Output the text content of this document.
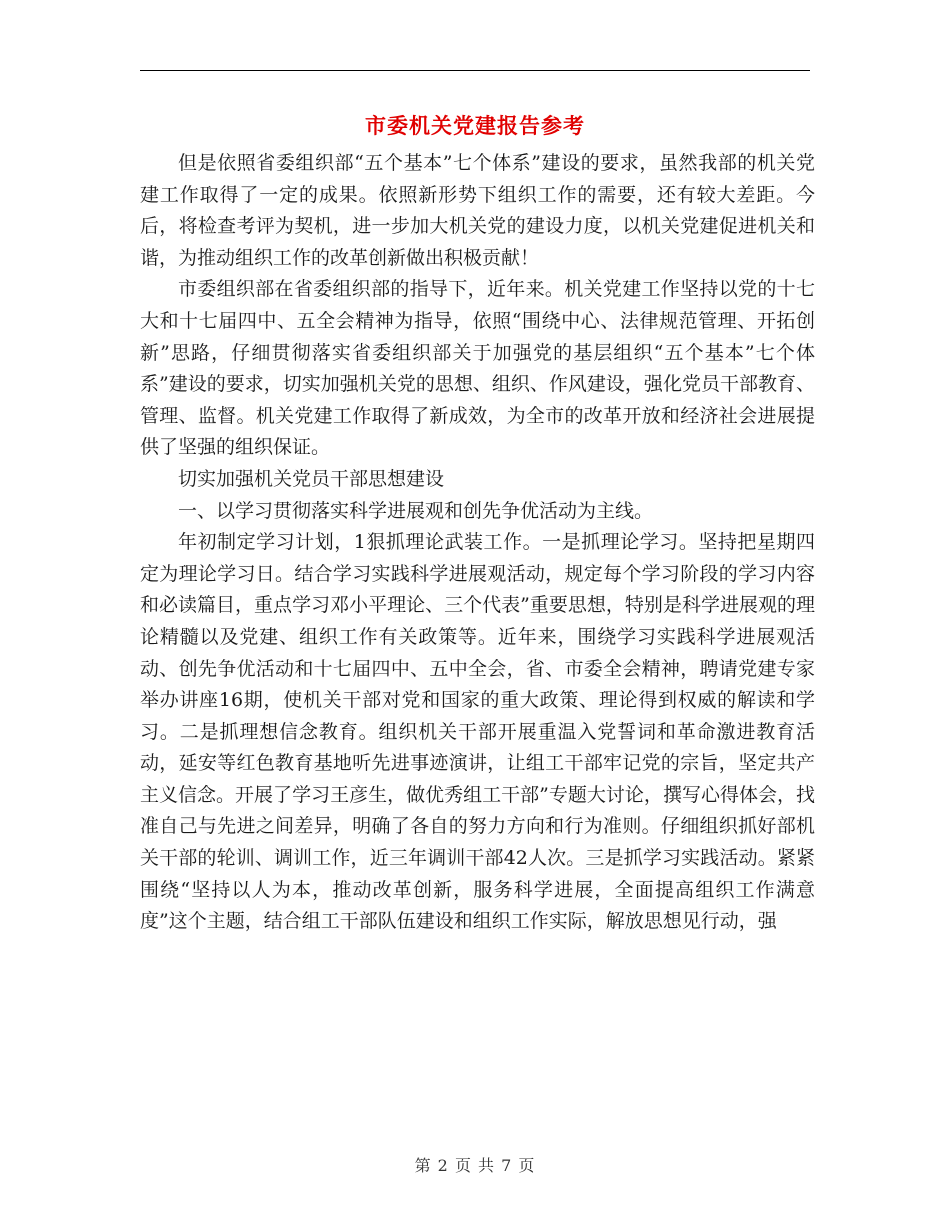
市委机关党建报告参考

但是依照省委组织部“五个基本”七个体系”建设的要求，虽然我部的机关党建工作取得了一定的成果。依照新形势下组织工作的需要，还有较大差距。今后，将检查考评为契机，进一步加大机关党的建设力度，以机关党建促进机关和谐，为推动组织工作的改革创新做出积极贡献！

市委组织部在省委组织部的指导下，近年来。机关党建工作坚持以党的十七大和十七届四中、五全会精神为指导，依照“围绕中心、法律规范管理、开拓创新”思路，仔细贯彻落实省委组织部关于加强党的基层组织“五个基本”七个体系”建设的要求，切实加强机关党的思想、组织、作风建设，强化党员干部教育、管理、监督。机关党建工作取得了新成效，为全市的改革开放和经济社会进展提供了坚强的组织保证。

切实加强机关党员干部思想建设

一、以学习贯彻落实科学进展观和创先争优活动为主线。

年初制定学习计划，1狠抓理论武装工作。一是抓理论学习。坚持把星期四定为理论学习日。结合学习实践科学进展观活动，规定每个学习阶段的学习内容和必读篇目，重点学习邓小平理论、三个代表”重要思想，特别是科学进展观的理论精髓以及党建、组织工作有关政策等。近年来，围绕学习实践科学进展观活动、创先争优活动和十七届四中、五中全会，省、市委全会精神，聘请党建专家举办讲座16期，使机关干部对党和国家的重大政策、理论得到权威的解读和学习。二是抓理想信念教育。组织机关干部开展重温入党誓词和革命激进教育活动，延安等红色教育基地听先进事迹演讲，让组工干部牢记党的宗旨，坚定共产主义信念。开展了学习王彦生，做优秀组工干部”专题大讨论，撰写心得体会，找准自己与先进之间差异，明确了各自的努力方向和行为准则。仔细组织抓好部机关干部的轮训、调训工作，近三年调训干部42人次。三是抓学习实践活动。紧紧围绕“坚持以人为本，推动改革创新，服务科学进展，全面提高组织工作满意度”这个主题，结合组工干部队伍建设和组织工作实际，解放思想见行动，强

第 2 页 共 7 页
